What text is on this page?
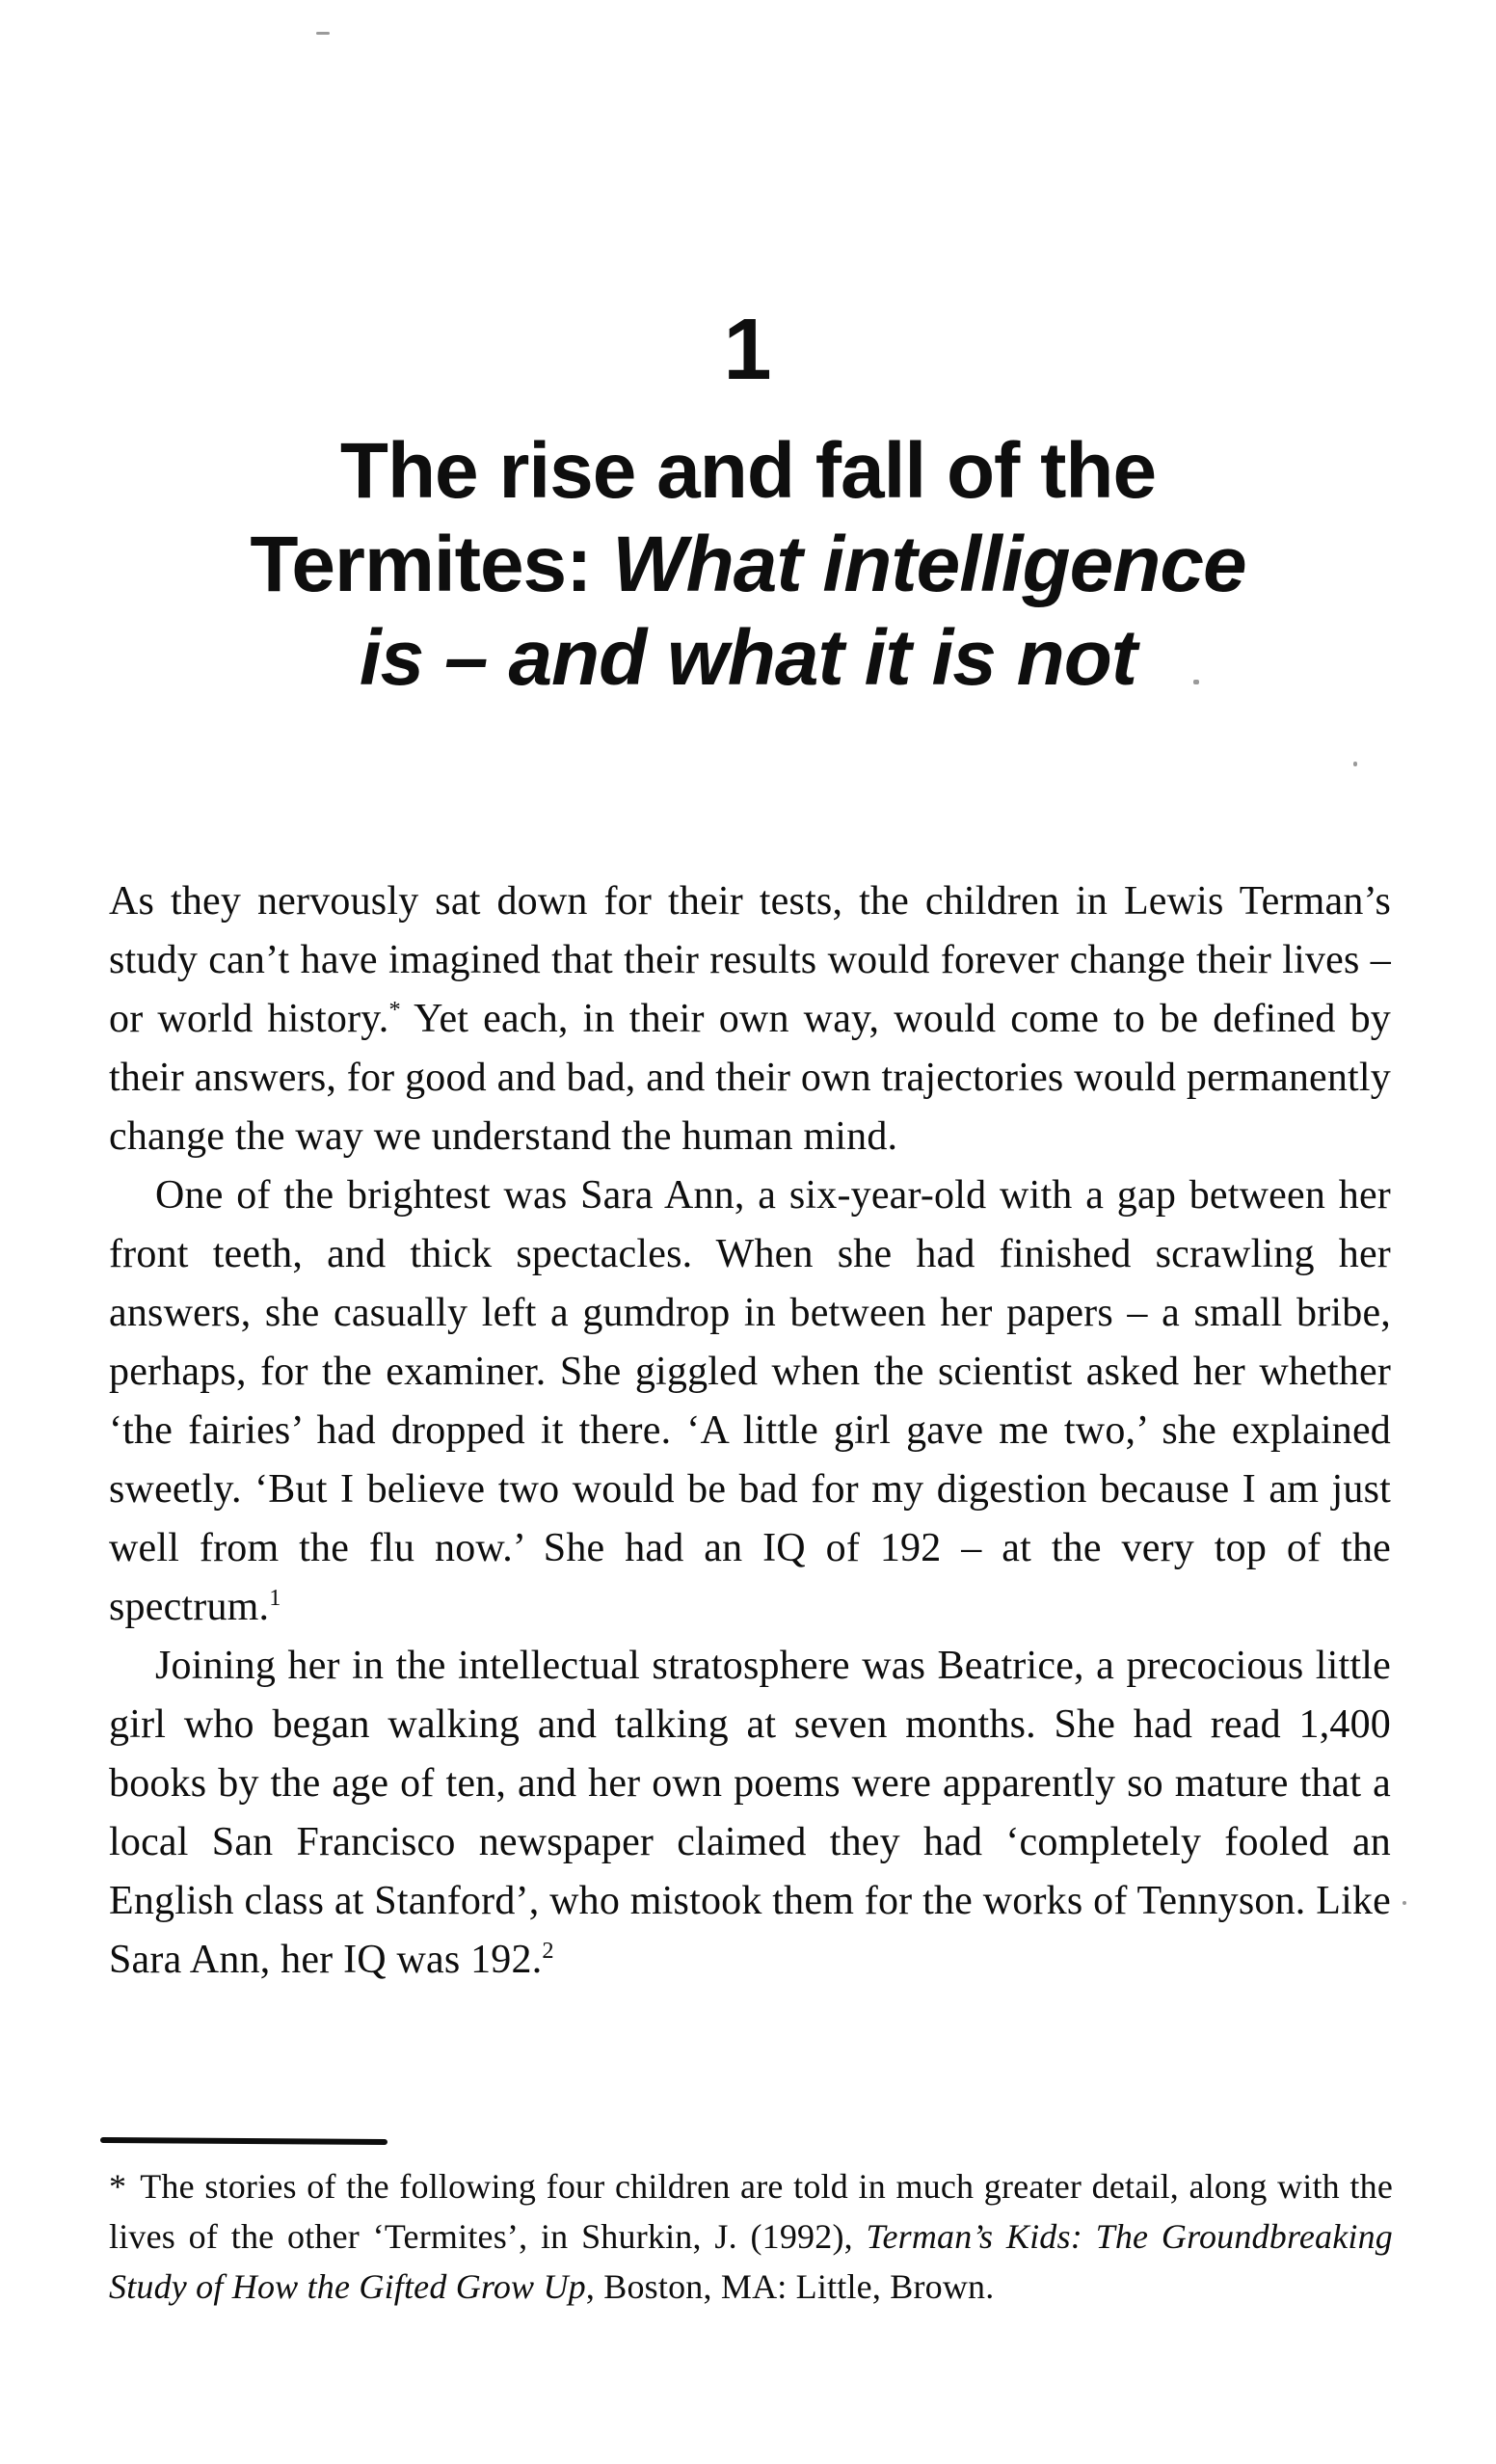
1
The rise and fall of the
Termites: What intelligence
is – and what it is not

As they nervously sat down for their tests, the children in Lewis Terman’s study can’t have imagined that their results would forever change their lives – or world history.* Yet each, in their own way, would come to be defined by their answers, for good and bad, and their own trajectories would permanently change the way we understand the human mind.

One of the brightest was Sara Ann, a six-year-old with a gap between her front teeth, and thick spectacles. When she had finished scrawling her answers, she casually left a gumdrop in between her papers – a small bribe, perhaps, for the examiner. She giggled when the scientist asked her whether ‘the fairies’ had dropped it there. ‘A little girl gave me two,’ she explained sweetly. ‘But I believe two would be bad for my digestion because I am just well from the flu now.’ She had an IQ of 192 – at the very top of the spectrum.$^1$

Joining her in the intellectual stratosphere was Beatrice, a precocious little girl who began walking and talking at seven months. She had read 1,400 books by the age of ten, and her own poems were apparently so mature that a local San Francisco newspaper claimed they had ‘completely fooled an English class at Stanford’, who mistook them for the works of Tennyson. Like Sara Ann, her IQ was 192.$^2$

* The stories of the following four children are told in much greater detail, along with the lives of the other ‘Termites’, in Shurkin, J. (1992), Terman’s Kids: The Groundbreaking Study of How the Gifted Grow Up, Boston, MA: Little, Brown.
